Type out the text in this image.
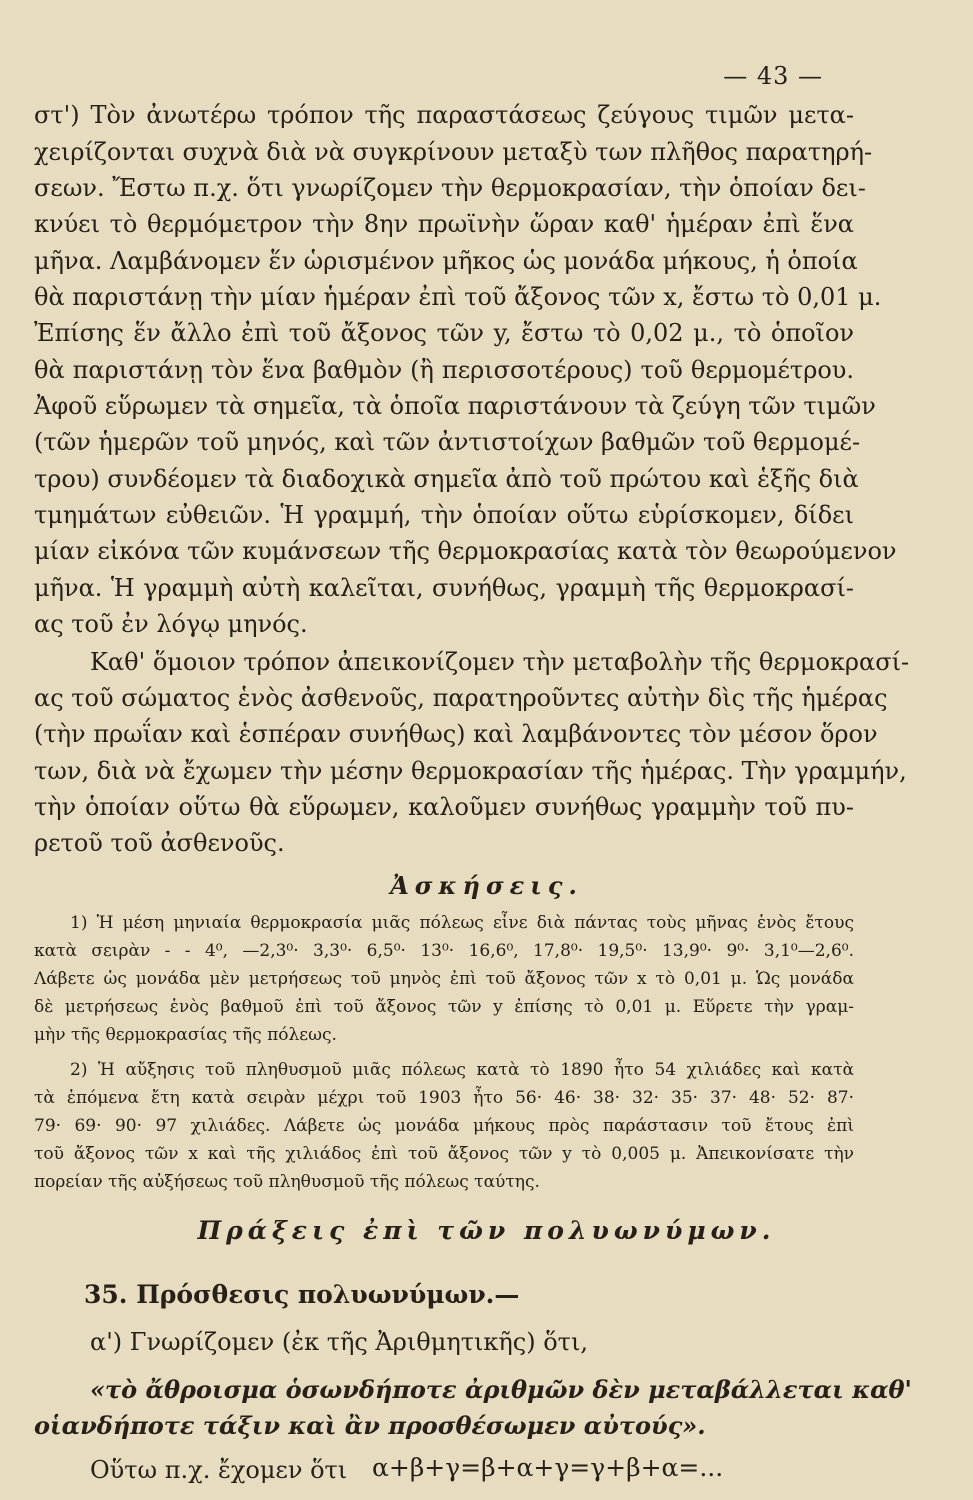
— 43 —
στ') Τὸν ἀνωτέρω τρόπον τῆς παραστάσεως ζεύγους τιμῶν μετα-
χειρίζονται συχνὰ διὰ νὰ συγκρίνουν μεταξὺ των πλῆθος παρατηρή-
σεων. Ἔστω π.χ. ὅτι γνωρίζομεν τὴν θερμοκρασίαν, τὴν ὁποίαν δει-
κνύει τὸ θερμόμετρον τὴν 8ην πρωϊνὴν ὥραν καθ' ἡμέραν ἐπὶ ἕνα
μῆνα. Λαμβάνομεν ἕν ὡρισμένον μῆκος ὡς μονάδα μήκους, ἡ ὁποία
θὰ παριστάνῃ τὴν μίαν ἡμέραν ἐπὶ τοῦ ἄξονος τῶν x, ἔστω τὸ 0,01 μ.
Ἐπίσης ἕν ἄλλο ἐπὶ τοῦ ἄξονος τῶν y, ἔστω τὸ 0,02 μ., τὸ ὁποῖον
θὰ παριστάνῃ τὸν ἕνα βαθμὸν (ἢ περισσοτέρους) τοῦ θερμομέτρου.
Ἀφοῦ εὕρωμεν τὰ σημεῖα, τὰ ὁποῖα παριστάνουν τὰ ζεύγη τῶν τιμῶν
(τῶν ἡμερῶν τοῦ μηνός, καὶ τῶν ἀντιστοίχων βαθμῶν τοῦ θερμομέ-
τρου) συνδέομεν τὰ διαδοχικὰ σημεῖα ἀπὸ τοῦ πρώτου καὶ ἑξῆς διὰ
τμημάτων εὐθειῶν. Ἡ γραμμή, τὴν ὁποίαν οὕτω εὑρίσκομεν, δίδει
μίαν εἰκόνα τῶν κυμάνσεων τῆς θερμοκρασίας κατὰ τὸν θεωρούμενον
μῆνα. Ἡ γραμμὴ αὐτὴ καλεῖται, συνήθως, γραμμὴ τῆς θερμοκρασί-
ας τοῦ ἐν λόγῳ μηνός.
Καθ' ὅμοιον τρόπον ἀπεικονίζομεν τὴν μεταβολὴν τῆς θερμοκρασί-
ας τοῦ σώματος ἑνὸς ἀσθενοῦς, παρατηροῦντες αὐτὴν δὶς τῆς ἡμέρας
(τὴν πρωΐαν καὶ ἑσπέραν συνήθως) καὶ λαμβάνοντες τὸν μέσον ὅρον
των, διὰ νὰ ἔχωμεν τὴν μέσην θερμοκρασίαν τῆς ἡμέρας. Τὴν γραμμήν,
τὴν ὁποίαν οὕτω θὰ εὕρωμεν, καλοῦμεν συνήθως γραμμὴν τοῦ πυ-
ρετοῦ τοῦ ἀσθενοῦς.
Ἀσκήσεις.
1) Ἡ μέση μηνιαία θερμοκρασία μιᾶς πόλεως εἶνε διὰ πάντας τοὺς μῆνας ἑνὸς ἔτους
κατὰ σειρὰν - - 4⁰, —2,3⁰· 3,3⁰· 6,5⁰· 13⁰· 16,6⁰, 17,8⁰· 19,5⁰· 13,9⁰· 9⁰· 3,1⁰—2,6⁰.
Λάβετε ὡς μονάδα μὲν μετρήσεως τοῦ μηνὸς ἐπὶ τοῦ ἄξονος τῶν x τὸ 0,01 μ. Ὡς μονάδα
δὲ μετρήσεως ἑνὸς βαθμοῦ ἐπὶ τοῦ ἄξονος τῶν y ἐπίσης τὸ 0,01 μ. Εὕρετε τὴν γραμ-
μὴν τῆς θερμοκρασίας τῆς πόλεως.
2) Ἡ αὔξησις τοῦ πληθυσμοῦ μιᾶς πόλεως κατὰ τὸ 1890 ἦτο 54 χιλιάδες καὶ κατὰ
τὰ ἑπόμενα ἔτη κατὰ σειρὰν μέχρι τοῦ 1903 ἦτο 56· 46· 38· 32· 35· 37· 48· 52· 87·
79· 69· 90· 97 χιλιάδες. Λάβετε ὡς μονάδα μήκους πρὸς παράστασιν τοῦ ἔτους ἐπὶ
τοῦ ἄξονος τῶν x καὶ τῆς χιλιάδος ἐπὶ τοῦ ἄξονος τῶν y τὸ 0,005 μ. Ἀπεικονίσατε τὴν
πορείαν τῆς αὐξήσεως τοῦ πληθυσμοῦ τῆς πόλεως ταύτης.
Πράξεις ἐπὶ τῶν πολυωνύμων.
35. Πρόσθεσις πολυωνύμων.—
α') Γνωρίζομεν (ἐκ τῆς Ἀριθμητικῆς) ὅτι,
«τὸ ἄθροισμα ὁσωνδήποτε ἀριθμῶν δὲν μεταβάλλεται καθ'
οἱανδήποτε τάξιν καὶ ἂν προσθέσωμεν αὐτούς».
Οὕτω π.χ. ἔχομεν ὅτι α+β+γ=β+α+γ=γ+β+α=...
